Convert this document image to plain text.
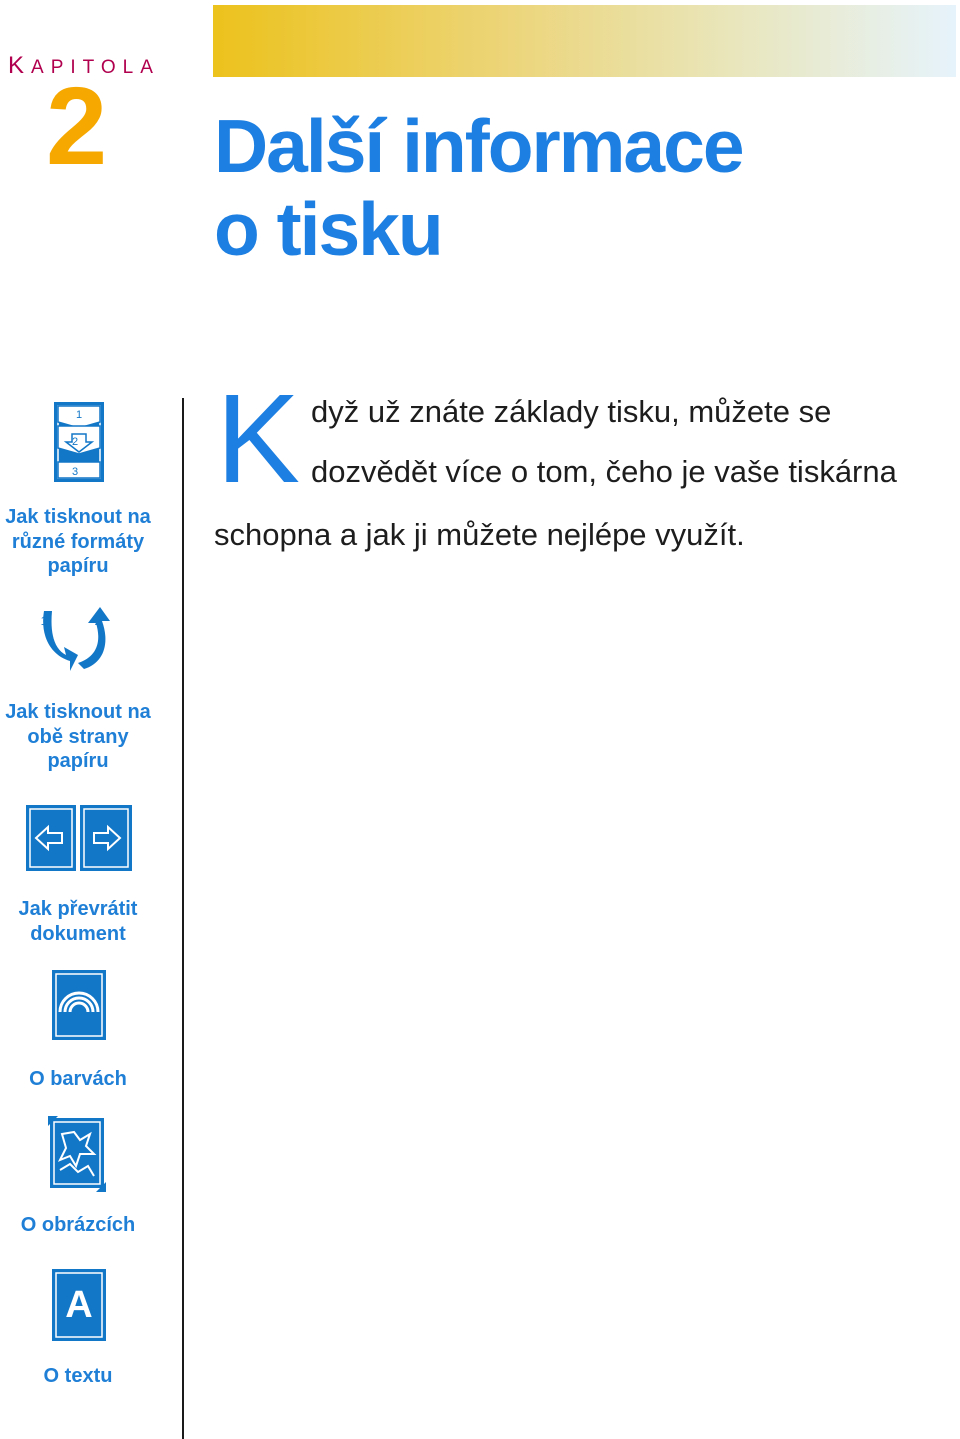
KAPITOLA
2 Další informace
o tisku
K dyž už znáte základy tisku, můžete se
dozvědět více o tom, čeho je vaše tiskárna
schopna a jak ji můžete nejlépe využít.
1
2
3
Jak tisknout na
různé formáty
papíru
1	2
Jak tisknout na
obě strany
papíru
Jak převrátit
dokument
O barvách
O obrázcích
A
O textu
